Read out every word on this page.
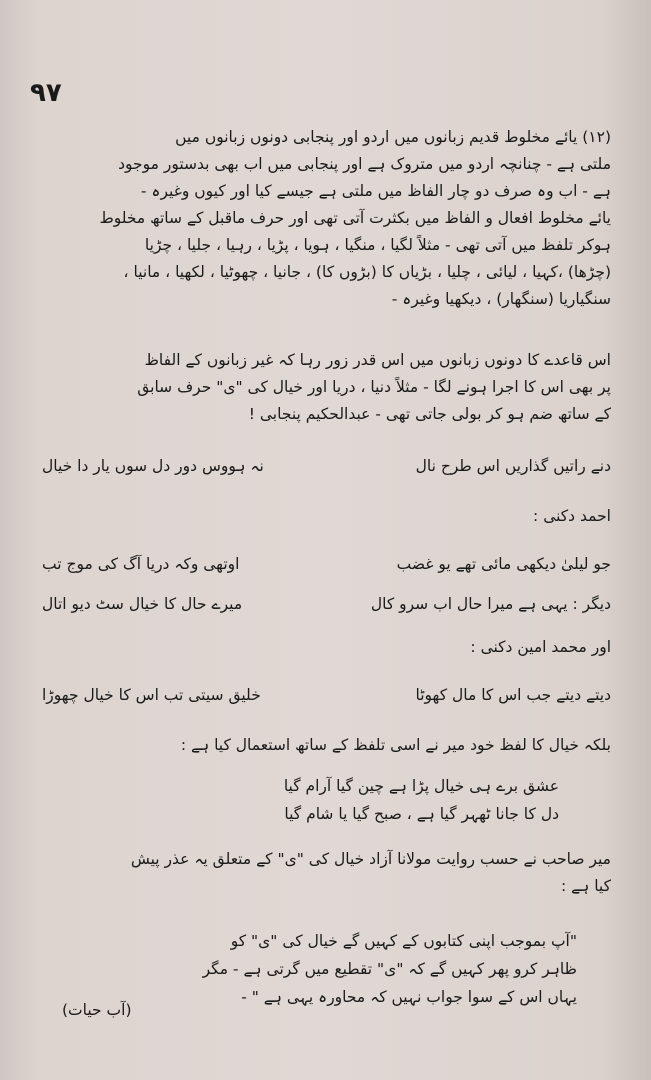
۹۷
(۱۲) یائے مخلوط قدیم زبانوں میں اردو اور پنجابی دونوں زبانوں میں
ملتی ہے - چنانچہ اردو میں متروک ہے اور پنجابی میں اب بھی بدستور موجود
ہے - اب وہ صرف دو چار الفاظ میں ملتی ہے جیسے کیا اور کیوں وغیرہ -
یائے مخلوط افعال و الفاظ میں بکثرت آتی تھی اور حرف ماقبل کے ساتھ مخلوط
ہوکر تلفظ میں آتی تھی - مثلاً لگیا ، منگیا ، ہویا ، پڑیا ، رہیا ، جلیا ، چڑیا
(چڑھا) ،کہیا ، لیائی ، چلیا ، بڑیاں کا (بڑوں کا) ، جانیا ، چھوٹیا ، لکھیا ، مانیا ،
سنگیاریا (سنگھار) ، دیکھیا وغیرہ -
اس قاعدے کا دونوں زبانوں میں اس قدر زور رہا کہ غیر زبانوں کے الفاظ
پر بھی اس کا اجرا ہونے لگا - مثلاً دنیا ، دریا اور خیال کی "ی" حرف سابق
کے ساتھ ضم ہو کر بولی جاتی تھی - عبدالحکیم پنجابی !
دنے راتیں گذاریں اس طرح نال
نہ ہووس دور دل سوں یار دا خیال
احمد دکنی :
جو لیلیٰ دیکھی مائی تھے یو غضب
اوتھی وکہ دریا آگ کی موج تب
دیگر : یہی ہے میرا حال اب سرو کال
میرے حال کا خیال سٹ دیو اتال
اور محمد امین دکنی :
دیتے دیتے جب اس کا مال کھوٹا
خلیق سیتی تب اس کا خیال چھوڑا
بلکہ خیال کا لفظ خود میر نے اسی تلفظ کے ساتھ استعمال کیا ہے :
عشق برے ہی خیال پڑا ہے چین گیا آرام گیا
دل کا جانا ٹھہر گیا ہے ، صبح گیا یا شام گیا
میر صاحب نے حسب روایت مولانا آزاد خیال کی "ی" کے متعلق یہ عذر پیش
کیا ہے :
"آپ بموجب اپنی کتابوں کے کہیں گے خیال کی "ی" کو
ظاہر کرو پھر کہیں گے کہ "ی" تقطیع میں گرتی ہے - مگر
یہاں اس کے سوا جواب نہیں کہ محاورہ یہی ہے " -
(آب حیات)
